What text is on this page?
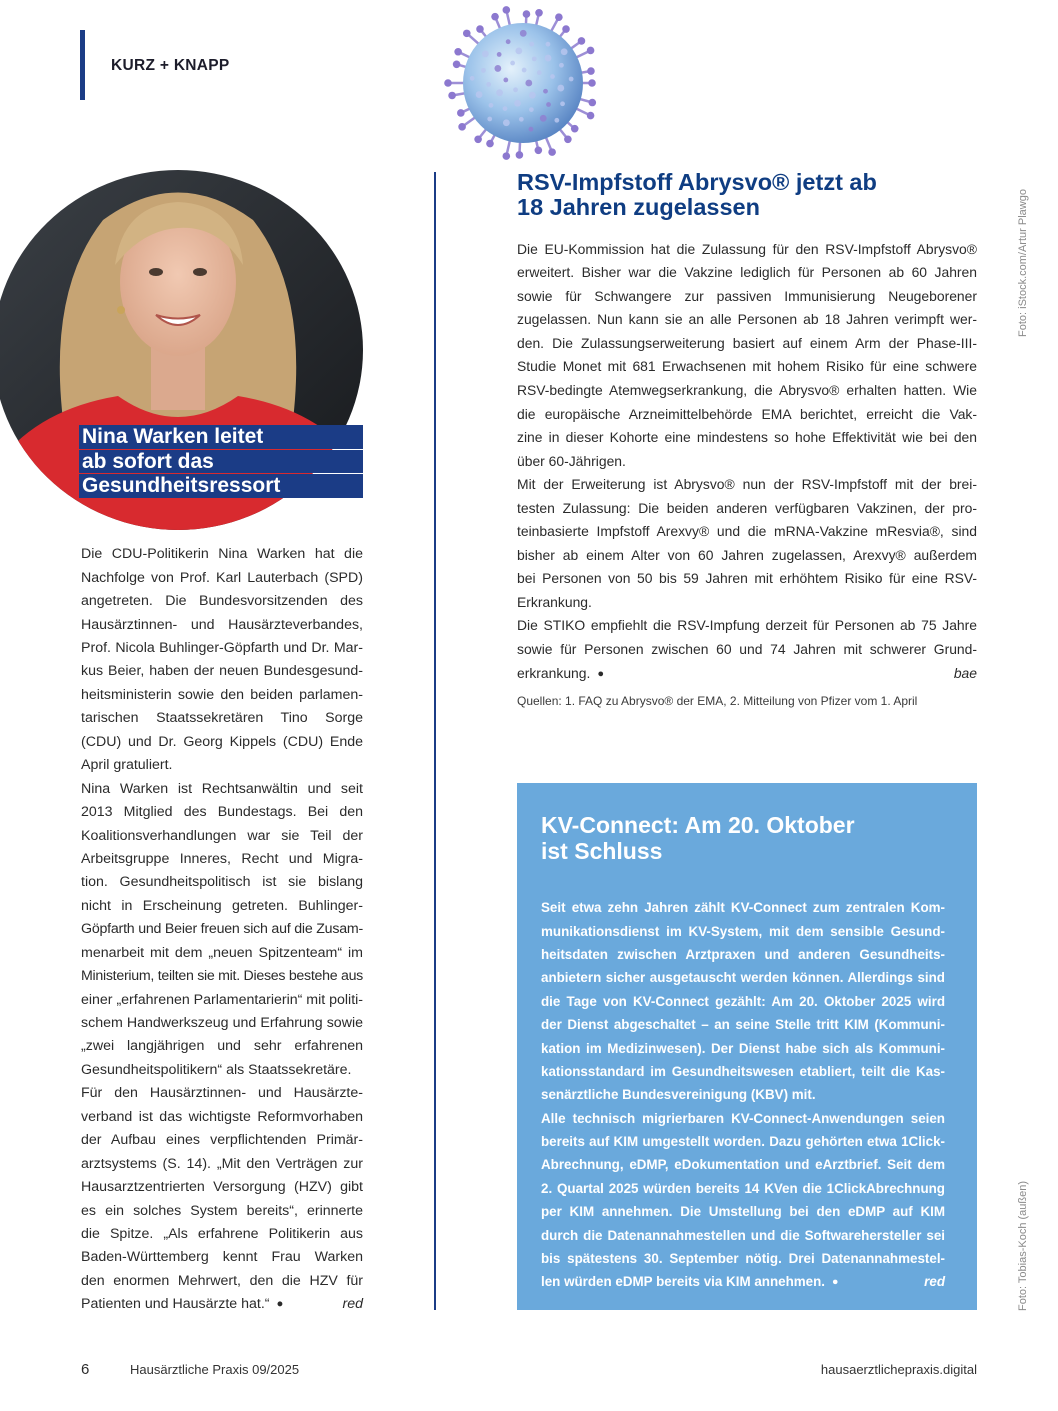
KURZ + KNAPP
Nina Warken leitet
ab sofort das
Gesundheitsressort
Die CDU-Politikerin Nina Warken hat die
Nachfolge von Prof. Karl Lauterbach (SPD)
angetreten. Die Bundesvorsitzenden des
Hausärztinnen- und Hausärzteverbandes,
Prof. Nicola Buhlinger-Göpfarth und Dr. Mar-
kus Beier, haben der neuen Bundesgesund-
heitsministerin sowie den beiden parlamen-
tarischen Staatssekretären Tino Sorge
(CDU) und Dr. Georg Kippels (CDU) Ende
April gratuliert.
Nina Warken ist Rechtsanwältin und seit
2013 Mitglied des Bundestags. Bei den
Koalitionsverhandlungen war sie Teil der
Arbeitsgruppe Inneres, Recht und Migra-
tion. Gesundheitspolitisch ist sie bislang
nicht in Erscheinung getreten. Buhlinger-
Göpfarth und Beier freuen sich auf die Zusam-
menarbeit mit dem „neuen Spitzenteam“ im
Ministerium, teilten sie mit. Dieses bestehe aus
einer „erfahrenen Parlamentarierin“ mit politi-
schem Handwerkszeug und Erfahrung sowie
„zwei langjährigen und sehr erfahrenen
Gesundheitspolitikern“ als Staatssekretäre.
Für den Hausärztinnen- und Hausärzte-
verband ist das wichtigste Reformvorhaben
der Aufbau eines verpflichtenden Primär-
arztsystems (S. 14). „Mit den Verträgen zur
Hausarztzentrierten Versorgung (HZV) gibt
es ein solches System bereits“, erinnerte
die Spitze. „Als erfahrene Politikerin aus
Baden-Württemberg kennt Frau Warken
den enormen Mehrwert, den die HZV für
Patienten und Hausärzte hat.“ ●	red
RSV-Impfstoff Abrysvo® jetzt ab
18 Jahren zugelassen
Die EU-Kommission hat die Zulassung für den RSV-Impfstoff Abrysvo®
erweitert. Bisher war die Vakzine lediglich für Personen ab 60 Jahren
sowie für Schwangere zur passiven Immunisierung Neugeborener
zugelassen. Nun kann sie an alle Personen ab 18 Jahren verimpft wer-
den. Die Zulassungserweiterung basiert auf einem Arm der Phase-III-
Studie Monet mit 681 Erwachsenen mit hohem Risiko für eine schwere
RSV-bedingte Atemwegserkrankung, die Abrysvo® erhalten hatten. Wie
die europäische Arzneimittelbehörde EMA berichtet, erreicht die Vak-
zine in dieser Kohorte eine mindestens so hohe Effektivität wie bei den
über 60-Jährigen.
Mit der Erweiterung ist Abrysvo® nun der RSV-Impfstoff mit der brei-
testen Zulassung: Die beiden anderen verfügbaren Vakzinen, der pro-
teinbasierte Impfstoff Arexvy® und die mRNA-Vakzine mResvia®, sind
bisher ab einem Alter von 60 Jahren zugelassen, Arexvy® außerdem
bei Personen von 50 bis 59 Jahren mit erhöhtem Risiko für eine RSV-
Erkrankung.
Die STIKO empfiehlt die RSV-Impfung derzeit für Personen ab 75 Jahre
sowie für Personen zwischen 60 und 74 Jahren mit schwerer Grund-
erkrankung. ●	bae
Quellen: 1. FAQ zu Abrysvo® der EMA, 2. Mitteilung von Pfizer vom 1. April
KV-Connect: Am 20. Oktober
ist Schluss
Seit etwa zehn Jahren zählt KV-Connect zum zentralen Kom-
munikationsdienst im KV-System, mit dem sensible Gesund-
heitsdaten zwischen Arztpraxen und anderen Gesundheits-
anbietern sicher ausgetauscht werden können. Allerdings sind
die Tage von KV-Connect gezählt: Am 20. Oktober 2025 wird
der Dienst abgeschaltet – an seine Stelle tritt KIM (Kommuni-
kation im Medizinwesen). Der Dienst habe sich als Kommuni-
kationsstandard im Gesundheitswesen etabliert, teilt die Kas-
senärztliche Bundesvereinigung (KBV) mit.
Alle technisch migrierbaren KV-Connect-Anwendungen seien
bereits auf KIM umgestellt worden. Dazu gehörten etwa 1Click-
Abrechnung, eDMP, eDokumentation und eArztbrief. Seit dem
2. Quartal 2025 würden bereits 14 KVen die 1ClickAbrechnung
per KIM annehmen. Die Umstellung bei den eDMP auf KIM
durch die Datenannahmestellen und die Softwarehersteller sei
bis spätestens 30. September nötig. Drei Datenannahmestel-
len würden eDMP bereits via KIM annehmen. ●	red
Foto: iStock.com/Artur Plawgo
Foto: Tobias-Koch (außen)
6	Hausärztliche Praxis 09/2025	hausaerztlichepraxis.digital
